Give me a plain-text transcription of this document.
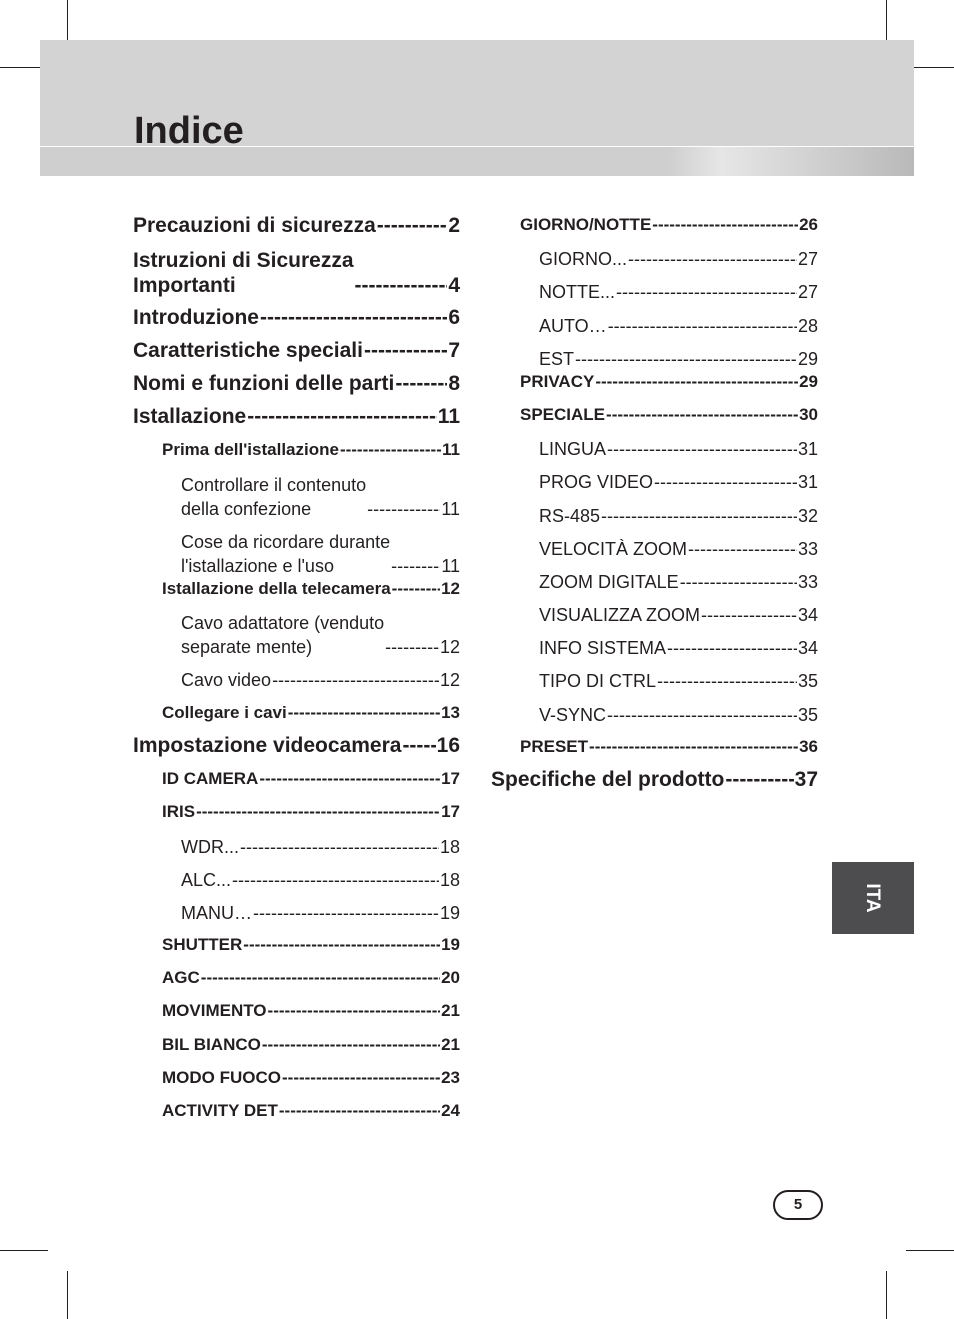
Indice
Precauzioni di sicurezza -----	2
Istruzioni di Sicurezza
Importanti -----	4
Introduzione -----	6
Caratteristiche speciali -----	7
Nomi e funzioni delle parti -----	8
Istallazione -----	11
Prima dell'istallazione -----	11
Controllare il contenuto
della confezione -----	11
Cose da ricordare durante
l'istallazione e l'uso -----	11
Istallazione della telecamera -----	12
Cavo adattatore (venduto
separate mente) -----	12
Cavo video -----	12
Collegare i cavi -----	13
Impostazione videocamera ----- 16
ID CAMERA -----	17
IRIS -----	17
WDR... -----	18
ALC... -----	18
MANU… -----	19
SHUTTER -----	19
AGC -----	20
MOVIMENTO -----	21
BIL BIANCO -----	21
MODO FUOCO -----	23
ACTIVITY DET -----	24
GIORNO/NOTTE -----	26
GIORNO... -----	27
NOTTE... -----	27
AUTO… -----	28
EST -----	29
PRIVACY -----	29
SPECIALE -----	30
LINGUA -----	31
PROG VIDEO -----	31
RS-485 -----	32
VELOCITÀ ZOOM -----	33
ZOOM DIGITALE -----	33
VISUALIZZA ZOOM -----	34
INFO SISTEMA -----	34
TIPO DI CTRL -----	35
V-SYNC -----	35
PRESET -----	36
Specifiche del prodotto -----	37
ITA
5
